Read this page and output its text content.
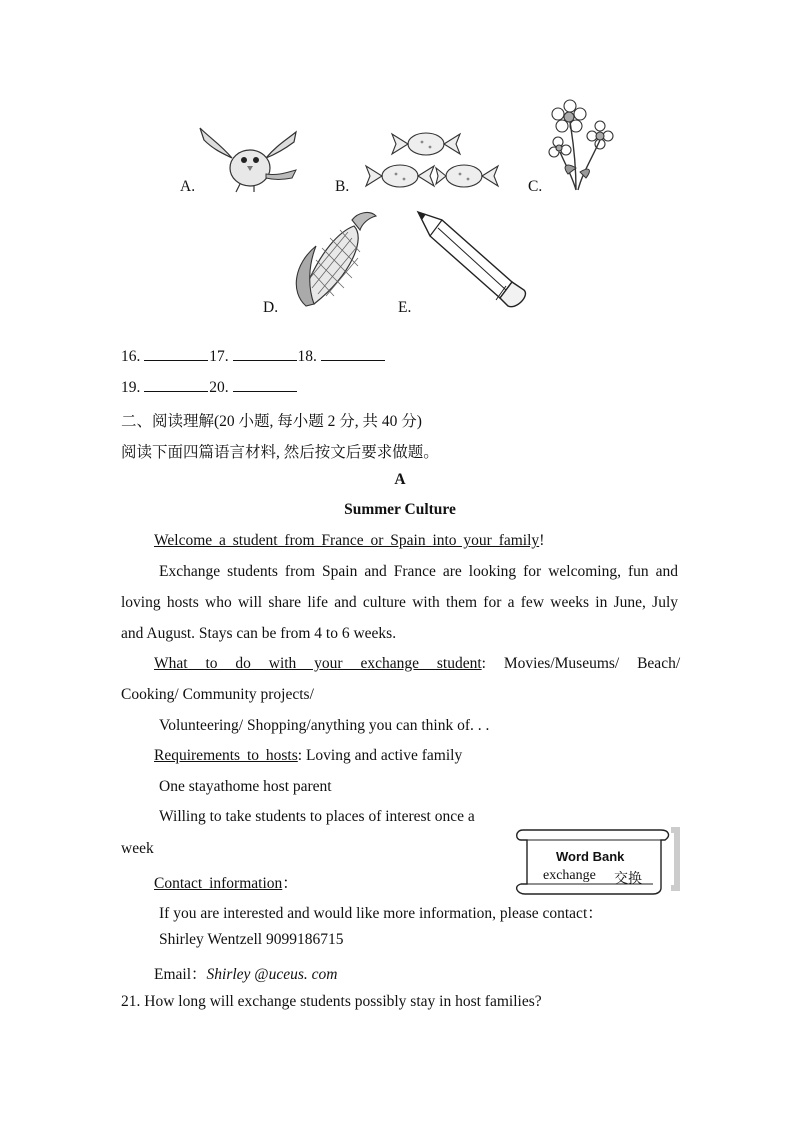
A.	B.	C.
D.	E.
16.	17.	18.
19.	20.
二、阅读理解(20 小题, 每小题 2 分, 共 40 分)
阅读下面四篇语言材料, 然后按文后要求做题。
A
Summer Culture
Welcome a student from France or Spain into your family!
Exchange students from Spain and France are looking for welcoming, fun and
loving hosts who will share life and culture with them for a few weeks in June, July
and August. Stays can be from 4 to 6 weeks.
What to do with your exchange student : Movies/Museums/ Beach/
Cooking/ Community projects/
Volunteering/ Shopping/anything you can think of. . .
Requirements to hosts: Loving and active family
One stayathome host parent
Willing to take students to places of interest once a
week
Contact information：
If you are interested and would like more information, please contact：
Shirley Wentzell 9099186715
Email：Shirley @uceus. com
Word Bank
exchange 交换
21. How long will exchange students possibly stay in host families?
